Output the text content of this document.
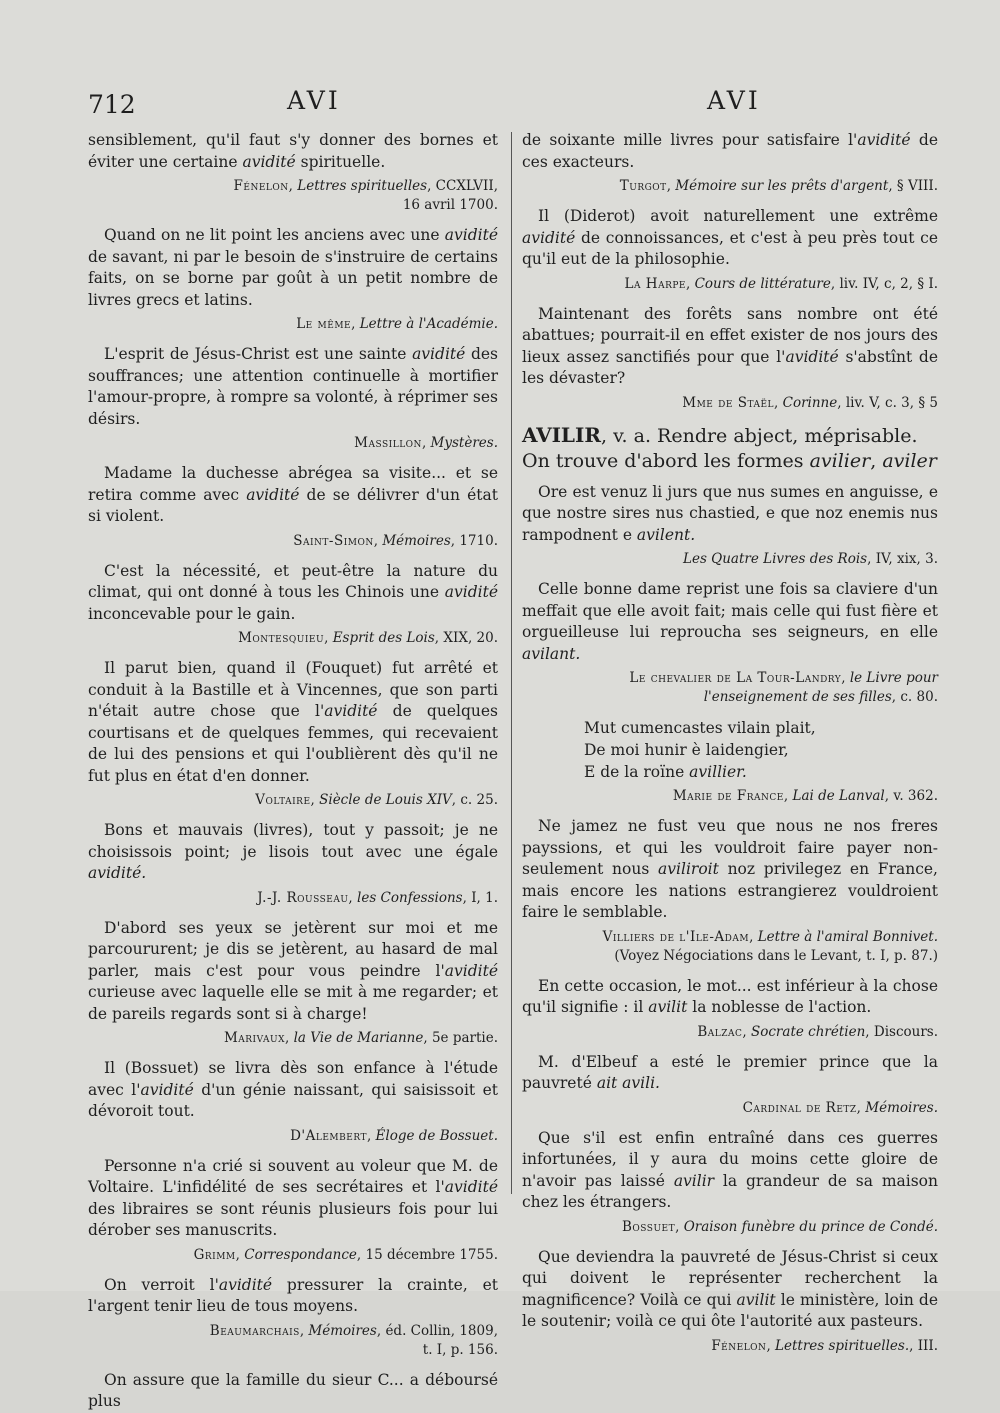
712	AVI	AVI

sensiblement, qu'il faut s'y donner des bornes et éviter une certaine avidité spirituelle.

Fénelon, Lettres spirituelles, CCXLVII,
16 avril 1700.

Quand on ne lit point les anciens avec une avidité de savant, ni par le besoin de s'instruire de certains faits, on se borne par goût à un petit nombre de livres grecs et latins.

Le même, Lettre à l'Académie.

L'esprit de Jésus-Christ est une sainte avidité des souffrances; une attention continuelle à mortifier l'amour-propre, à rompre sa volonté, à réprimer ses désirs.

Massillon, Mystères.

Madame la duchesse abrégea sa visite... et se retira comme avec avidité de se délivrer d'un état si violent.

Saint-Simon, Mémoires, 1710.

C'est la nécessité, et peut-être la nature du climat, qui ont donné à tous les Chinois une avidité inconcevable pour le gain.

Montesquieu, Esprit des Lois, XIX, 20.

Il parut bien, quand il (Fouquet) fut arrêté et conduit à la Bastille et à Vincennes, que son parti n'était autre chose que l'avidité de quelques courtisans et de quelques femmes, qui recevaient de lui des pensions et qui l'oublièrent dès qu'il ne fut plus en état d'en donner.

Voltaire, Siècle de Louis XIV, c. 25.

Bons et mauvais (livres), tout y passoit; je ne choisissois point; je lisois tout avec une égale avidité.

J.-J. Rousseau, les Confessions, I, 1.

D'abord ses yeux se jetèrent sur moi et me parcoururent; je dis se jetèrent, au hasard de mal parler, mais c'est pour vous peindre l'avidité curieuse avec laquelle elle se mit à me regarder; et de pareils regards sont si à charge!

Marivaux, la Vie de Marianne, 5e partie.

Il (Bossuet) se livra dès son enfance à l'étude avec l'avidité d'un génie naissant, qui saisissoit et dévoroit tout.

D'Alembert, Éloge de Bossuet.

Personne n'a crié si souvent au voleur que M. de Voltaire. L'infidélité de ses secrétaires et l'avidité des libraires se sont réunis plusieurs fois pour lui dérober ses manuscrits.

Grimm, Correspondance, 15 décembre 1755.

On verroit l'avidité pressurer la crainte, et l'argent tenir lieu de tous moyens.

Beaumarchais, Mémoires, éd. Collin, 1809,
t. I, p. 156.

On assure que la famille du sieur C... a déboursé plus

de soixante mille livres pour satisfaire l'avidité de ces exacteurs.

Turgot, Mémoire sur les prêts d'argent, § VIII.

Il (Diderot) avoit naturellement une extrême avidité de connoissances, et c'est à peu près tout ce qu'il eut de la philosophie.

La Harpe, Cours de littérature, liv. IV, c, 2, § I.

Maintenant des forêts sans nombre ont été abattues; pourrait-il en effet exister de nos jours des lieux assez sanctifiés pour que l'avidité s'abstînt de les dévaster?

Mme de Staël, Corinne, liv. V, c. 3, § 5
AVILIR, v. a. Rendre abject, méprisable.
On trouve d'abord les formes avilier, aviler

Ore est venuz li jurs que nus sumes en anguisse, e que nostre sires nus chastied, e que noz enemis nus rampodnent e avilent.

Les Quatre Livres des Rois, IV, xix, 3.

Celle bonne dame reprist une fois sa claviere d'un meffait que elle avoit fait; mais celle qui fust fière et orgueilleuse lui reproucha ses seigneurs, en elle avilant.

Le chevalier de La Tour-Landry, le Livre pour l'enseignement de ses filles, c. 80.
Mut cumencastes vilain plait,
De moi hunir è laidengier,
E de la roïne avillier.
Marie de France, Lai de Lanval, v. 362.

Ne jamez ne fust veu que nous ne nos freres payssions, et qui les vouldroit faire payer non-seulement nous aviliroit noz privilegez en France, mais encore les nations estrangierez vouldroient faire le semblable.

Villiers de l'Ile-Adam, Lettre à l'amiral Bonnivet.
(Voyez Négociations dans le Levant, t. I, p. 87.)

En cette occasion, le mot... est inférieur à la chose qu'il signifie : il avilit la noblesse de l'action.

Balzac, Socrate chrétien, Discours.

M. d'Elbeuf a esté le premier prince que la pauvreté ait avili.

Cardinal de Retz, Mémoires.

Que s'il est enfin entraîné dans ces guerres infortunées, il y aura du moins cette gloire de n'avoir pas laissé avilir la grandeur de sa maison chez les étrangers.

Bossuet, Oraison funèbre du prince de Condé.

Que deviendra la pauvreté de Jésus-Christ si ceux qui doivent le représenter recherchent la magnificence? Voilà ce qui avilit le ministère, loin de le soutenir; voilà ce qui ôte l'autorité aux pasteurs.

Fénelon, Lettres spirituelles., III.
